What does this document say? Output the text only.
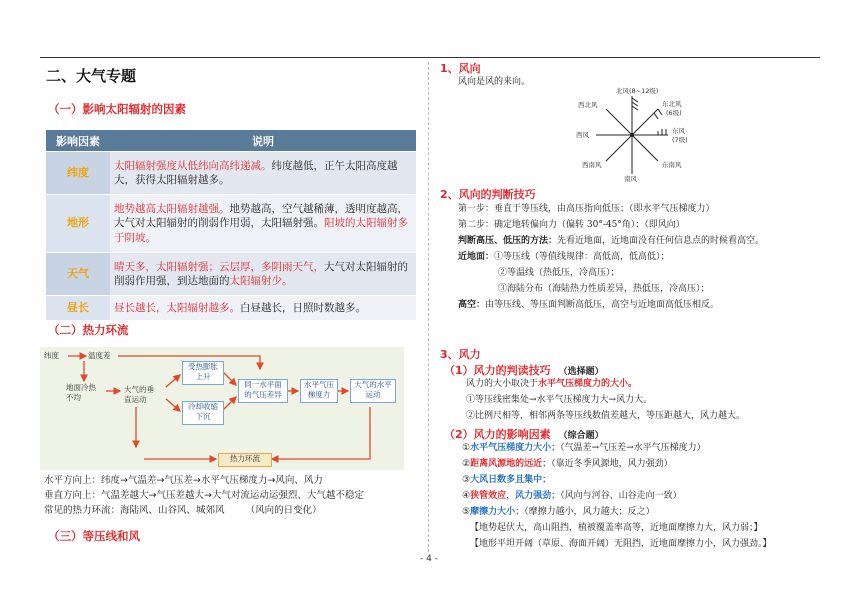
二、大气专题
（一）影响太阳辐射的因素
影响因素	说明
纬度	太阳辐射强度从低纬向高纬递减。纬度越低，正午太阳高度越大，获得太阳辐射越多。
地形	地势越高太阳辐射越强。地势越高，空气越稀薄，透明度越高，大气对太阳辐射的削弱作用弱，太阳辐射强。阳坡的太阳辐射多于阴坡。
天气	晴天多，太阳辐射强；云层厚，多阴雨天气，大气对太阳辐射的削弱作用强，到达地面的太阳辐射少。
昼长	昼长越长，太阳辐射越多。白昼越长，日照时数越多。
（二）热力环流
纬度	温度差
地面冷热
不均
大气的垂
直运动
受热膨胀
上升
冷却收缩
下沉
同一水平面
的气压差异
水平气压
梯度力
大气的水平
运动
热力环流
水平方向上：纬度→气温差→气压差→水平气压梯度力→风向、风力
垂直方向上：气温差越大→气压差越大→大气对流运动运强烈、大气越不稳定
常见的热力环流：海陆风、山谷风、城郊风 （风向的日变化）
（三）等压线和风
1、风向
风向是风的来向。
北风(8~12级)
西北风	东北风
(6级)
西风	东风
(7级)
西南风
南风
东南风
2、风向的判断技巧
第一步：垂直于等压线，由高压指向低压；（即水平气压梯度力）
第二步：确定地转偏向力（偏转 30°-45°角）；（即风向）
判断高压、低压的方法：先看近地面，近地面没有任何信息点的时候看高空。
近地面：①等压线（等值线规律：高低高，低高低）；
②等温线（热低压，冷高压）；
③海陆分布（海陆热力性质差异，热低压，冷高压）；
高空：由等压线、等压面判断高低压，高空与近地面高低压相反。
3、风力
（1）风力的判读技巧 （选择题）
风力的大小取决于水平气压梯度力的大小。
①等压线密集处→水平气压梯度力大→风力大。
②比例尺相等，相邻两条等压线数值差越大，等压距越大，风力越大。
（2）风力的影响因素 （综合题）
①水平气压梯度力大小；（气温差→气压差→水平气压梯度力）
②距离风源地的远近；（靠近冬季风源地，风力强劲）
③大风日数多且集中；
④狭管效应，风力强劲；（风向与河谷、山谷走向一致）
⑤摩擦力大小；（摩擦力越小，风力越大；反之）
【地势起伏大，高山阻挡，植被覆盖率高等，近地面摩擦力大，风力弱；】
【地形平坦开阔（草原、海面开阔）无阻挡，近地面摩擦力小，风力强劲。】
- 4 -
